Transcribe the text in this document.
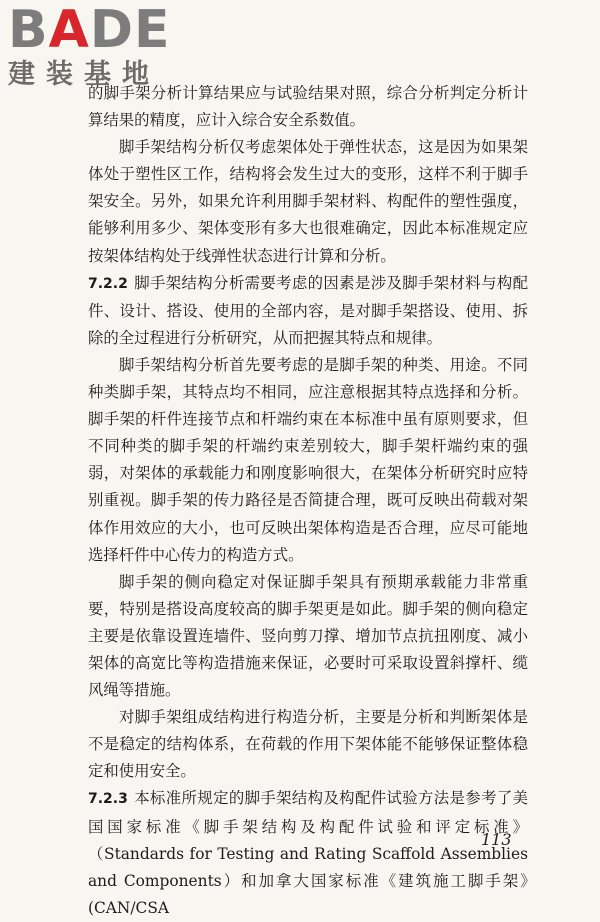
BADE
建装基地

的脚手架分析计算结果应与试验结果对照，综合分析判定分析计算结果的精度，应计入综合安全系数值。

脚手架结构分析仅考虑架体处于弹性状态，这是因为如果架体处于塑性区工作，结构将会发生过大的变形，这样不利于脚手架安全。另外，如果允许利用脚手架材料、构配件的塑性强度，能够利用多少、架体变形有多大也很难确定，因此本标准规定应按架体结构处于线弹性状态进行计算和分析。

7.2.2 脚手架结构分析需要考虑的因素是涉及脚手架材料与构配件、设计、搭设、使用的全部内容，是对脚手架搭设、使用、拆除的全过程进行分析研究，从而把握其特点和规律。

脚手架结构分析首先要考虑的是脚手架的种类、用途。不同种类脚手架，其特点均不相同，应注意根据其特点选择和分析。脚手架的杆件连接节点和杆端约束在本标准中虽有原则要求，但不同种类的脚手架的杆端约束差别较大，脚手架杆端约束的强弱，对架体的承载能力和刚度影响很大，在架体分析研究时应特别重视。脚手架的传力路径是否简捷合理，既可反映出荷载对架体作用效应的大小，也可反映出架体构造是否合理，应尽可能地选择杆件中心传力的构造方式。

脚手架的侧向稳定对保证脚手架具有预期承载能力非常重要，特别是搭设高度较高的脚手架更是如此。脚手架的侧向稳定主要是依靠设置连墙件、竖向剪刀撑、增加节点抗扭刚度、减小架体的高宽比等构造措施来保证，必要时可采取设置斜撑杆、缆风绳等措施。

对脚手架组成结构进行构造分析，主要是分析和判断架体是不是稳定的结构体系，在荷载的作用下架体能不能够保证整体稳定和使用安全。

7.2.3 本标准所规定的脚手架结构及构配件试验方法是参考了美国国家标准《脚手架结构及构配件试验和评定标准》（Standards for Testing and Rating Scaffold Assemblies and Components）和加拿大国家标准《建筑施工脚手架》　(CAN/CSA

113
